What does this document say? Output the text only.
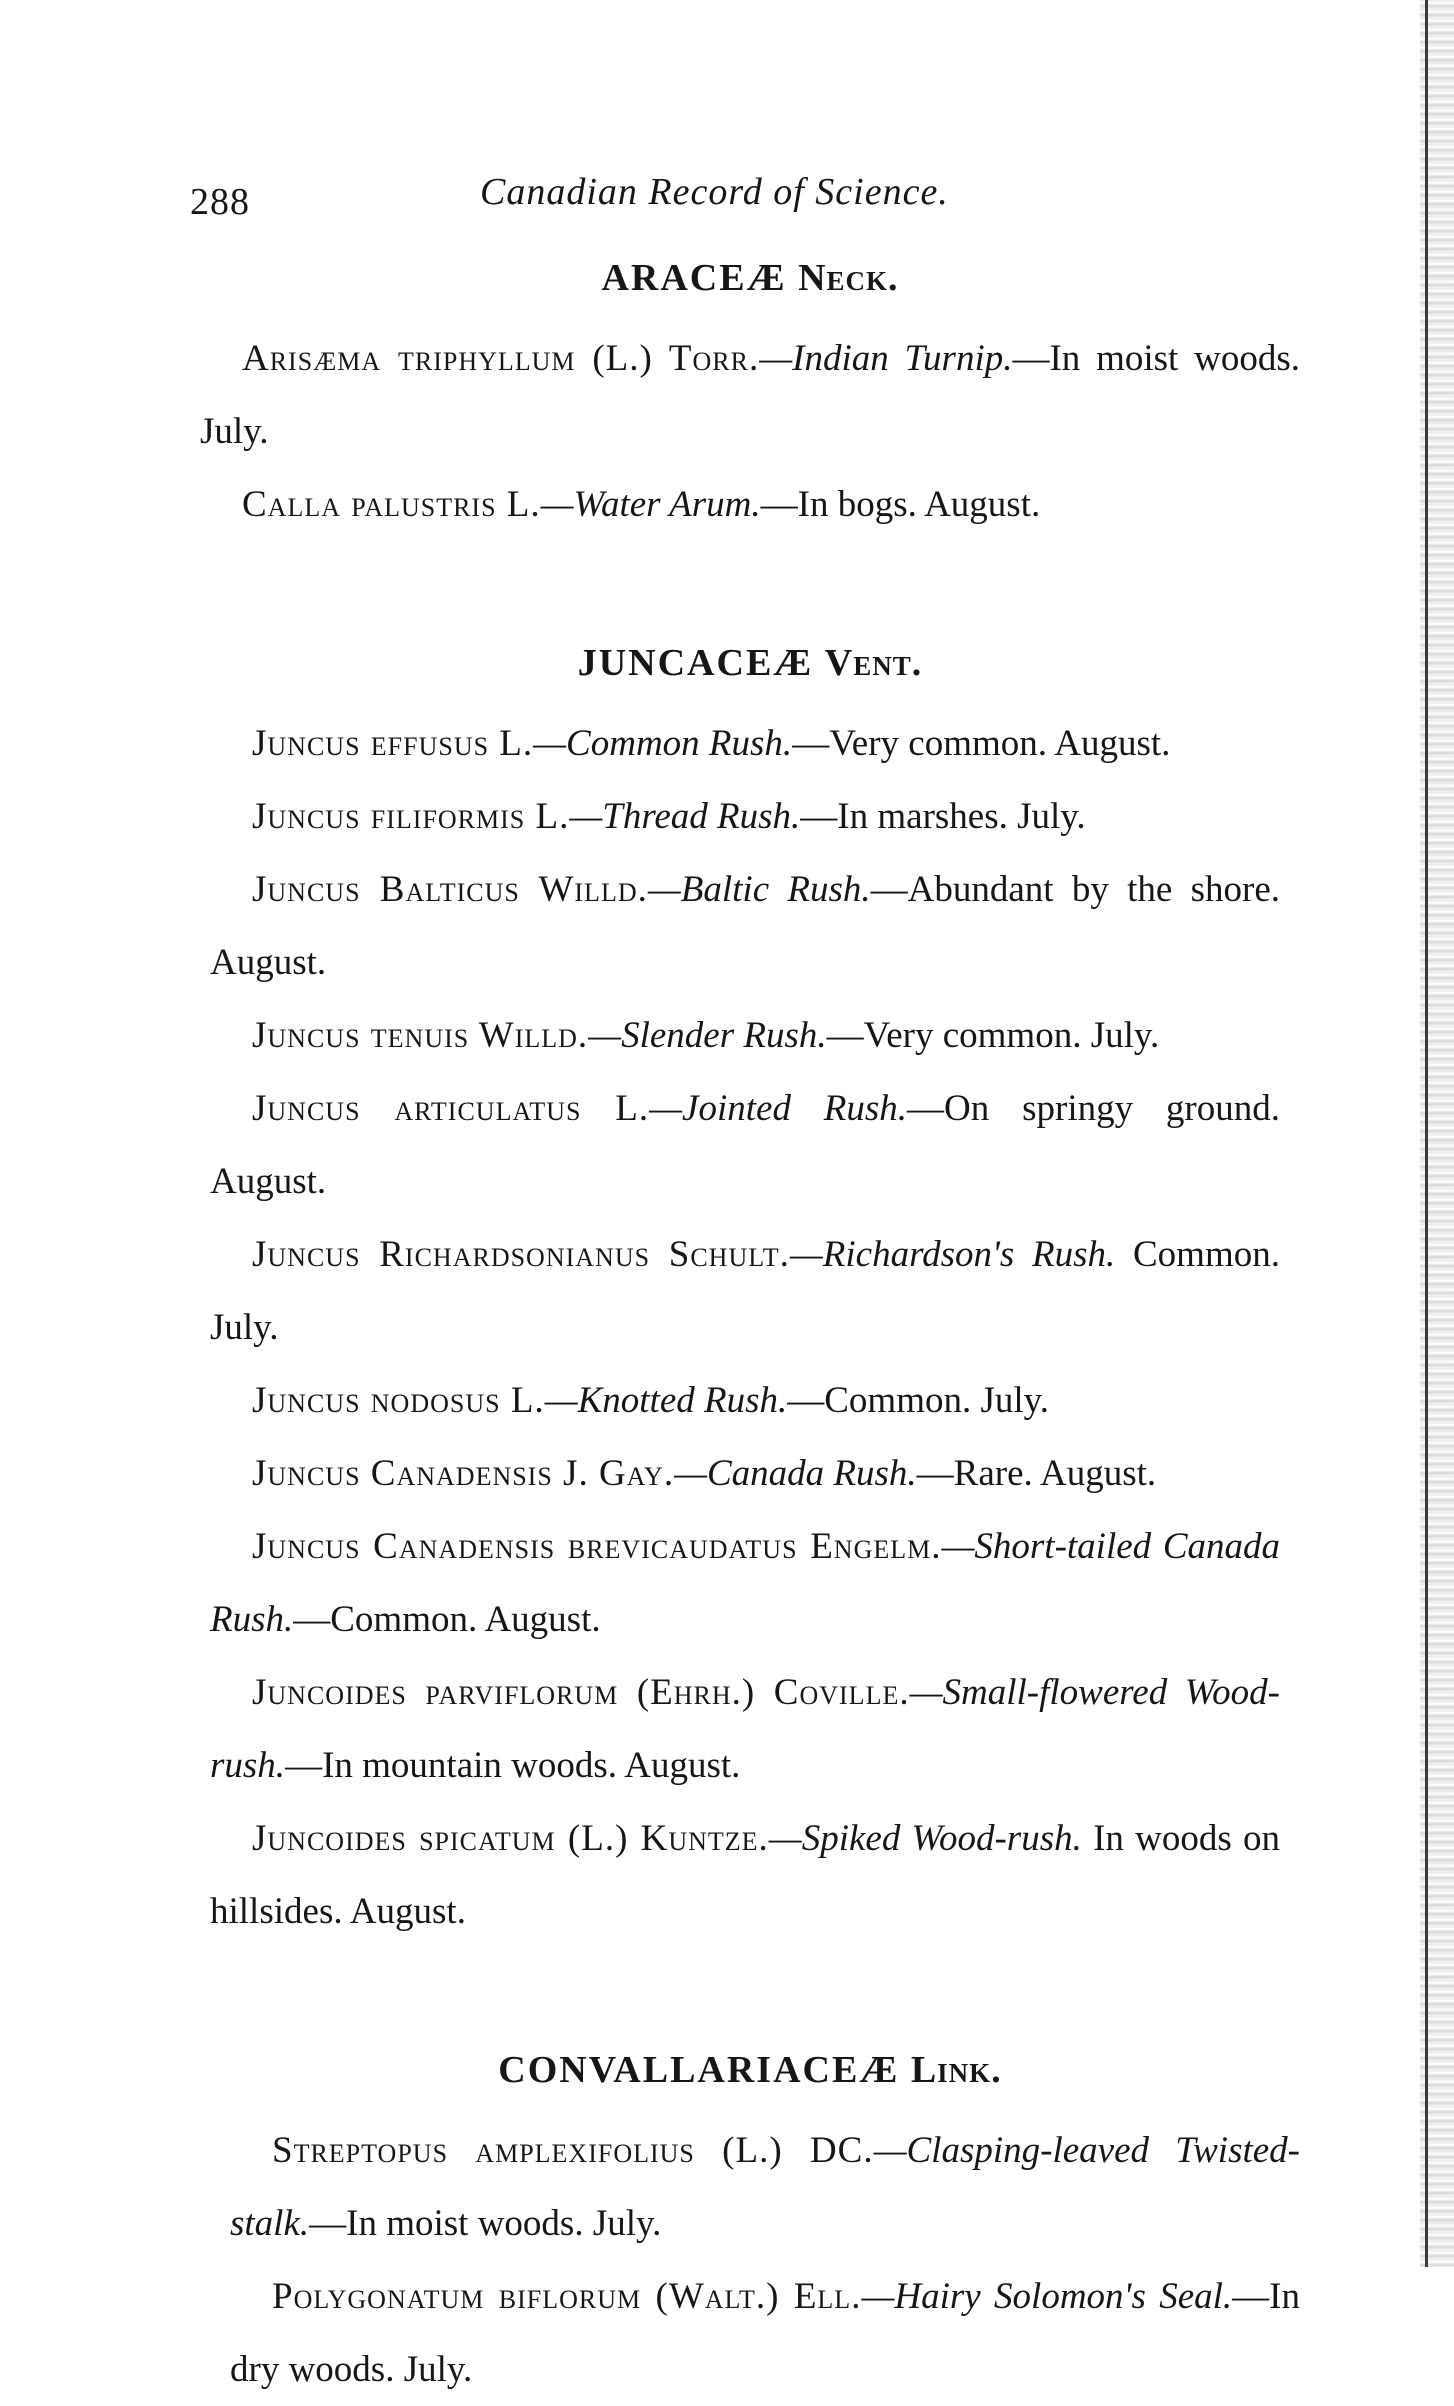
288	Canadian Record of Science.
ARACEÆ Neck.
Arisæma triphyllum (L.) Torr.—Indian Turnip.—In moist woods. July.
Calla palustris L.—Water Arum.—In bogs. August.
JUNCACEÆ Vent.
Juncus effusus L.—Common Rush.—Very common. August.
Juncus filiformis L.—Thread Rush.—In marshes. July.
Juncus Balticus Willd.—Baltic Rush.—Abundant by the shore. August.
Juncus tenuis Willd.—Slender Rush.—Very common. July.
Juncus articulatus L.—Jointed Rush.—On springy ground. August.
Juncus Richardsonianus Schult.—Richardson's Rush. Common. July.
Juncus nodosus L.—Knotted Rush.—Common. July.
Juncus Canadensis J. Gay.—Canada Rush.—Rare. August.
Juncus Canadensis brevicaudatus Engelm.—Short-tailed Canada Rush.—Common. August.
Juncoides parviflorum (Ehrh.) Coville.—Small-flowered Wood-rush.—In mountain woods. August.
Juncoides spicatum (L.) Kuntze.—Spiked Wood-rush. In woods on hillsides. August.
CONVALLARIACEÆ Link.
Streptopus amplexifolius (L.) DC.—Clasping-leaved Twisted-stalk.—In moist woods. July.
Polygonatum biflorum (Walt.) Ell.—Hairy Solomon's Seal.—In dry woods. July.
